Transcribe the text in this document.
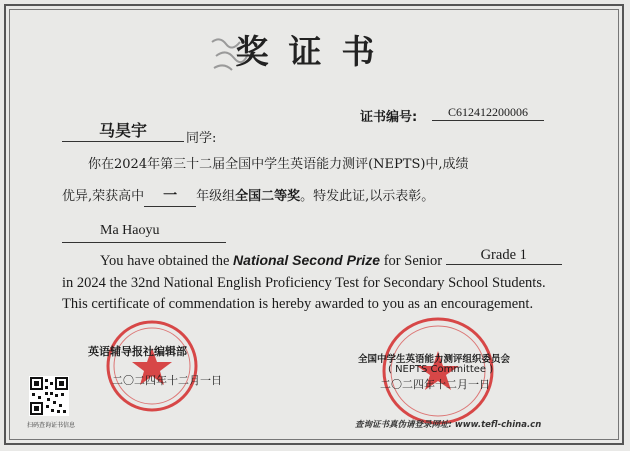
奖证书
证书编号:	C612412200006
马昊宇	同学:
你在2024年第三十二届全国中学生英语能力测评(NEPTS)中,成绩
优异,荣获高中 一 年级组全国二等奖。特发此证,以示表彰。
Ma Haoyu
You have obtained the National Second Prize for Senior	Grade 1
in 2024 the 32nd National English Proficiency Test for Secondary School Students.
This certificate of commendation is hereby awarded to you as an encouragement.
英语辅导报社编辑部
二〇二四年十二月一日
全国中学生英语能力测评组织委员会
( NEPTS Committee )
二〇二四年十二月一日
扫码查询证书信息	查询证书真伪请登录网址: www.tefl-china.cn
